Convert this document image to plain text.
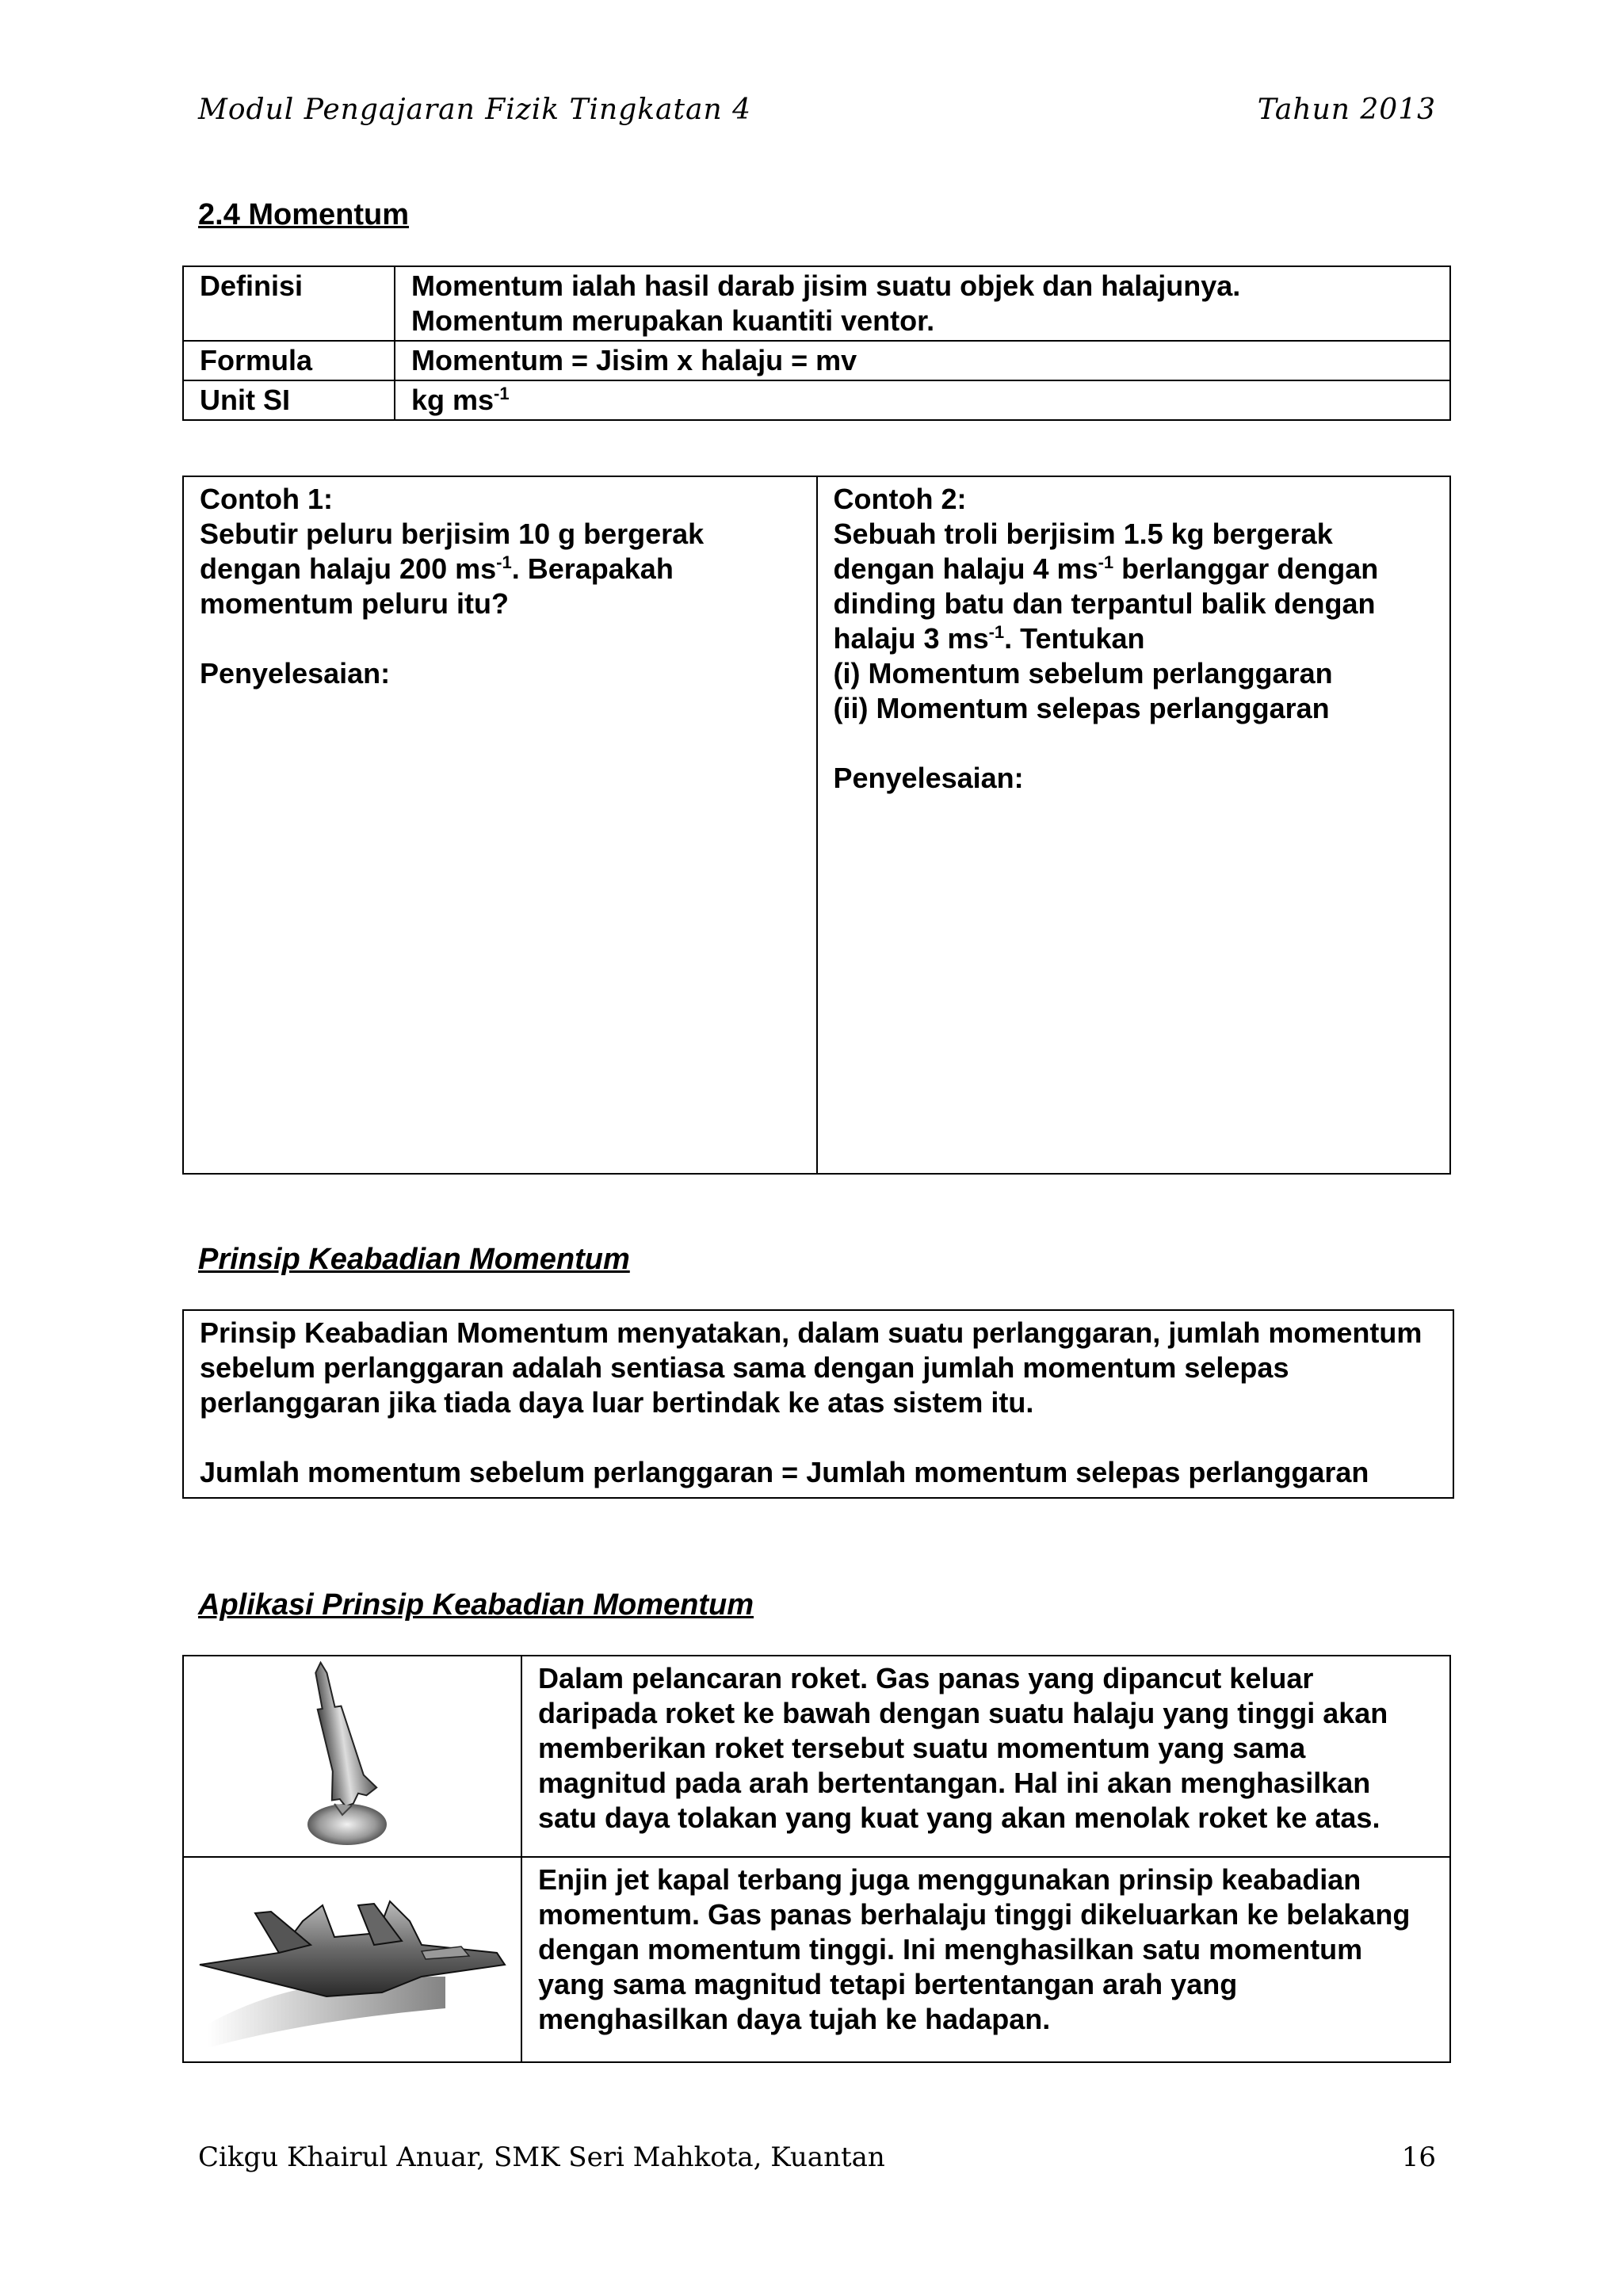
Modul Pengajaran Fizik Tingkatan 4	Tahun 2013
2.4 Momentum
Definisi	Momentum ialah hasil darab jisim suatu objek dan halajunya.
Momentum merupakan kuantiti ventor.

Formula	Momentum = Jisim x halaju = mv
Unit SI	kg $ms^{-1}$
Contoh 1:
Sebutir peluru berjisim 10 g bergerak dengan halaju 200 $ms^{-1}$. Berapakah momentum peluru itu?
Penyelesaian:

Contoh 2:
Sebuah troli berjisim 1.5 kg bergerak dengan halaju 4 $ms^{-1}$ berlanggar dengan dinding batu dan terpantul balik dengan halaju 3 $ms^{-1}$. Tentukan
(i) Momentum sebelum perlanggaran
(ii) Momentum selepas perlanggaran
Penyelesaian:
Prinsip Keabadian Momentum
Prinsip Keabadian Momentum menyatakan, dalam suatu perlanggaran, jumlah momentum sebelum perlanggaran adalah sentiasa sama dengan jumlah momentum selepas perlanggaran jika tiada daya luar bertindak ke atas sistem itu.
Jumlah momentum sebelum perlanggaran = Jumlah momentum selepas perlanggaran
Aplikasi Prinsip Keabadian Momentum
	Dalam pelancaran roket. Gas panas yang dipancut keluar daripada roket ke bawah dengan suatu halaju yang tinggi akan memberikan roket tersebut suatu momentum yang sama magnitud pada arah bertentangan. Hal ini akan menghasilkan satu daya tolakan yang kuat yang akan menolak roket ke atas.

	Enjin jet kapal terbang juga menggunakan prinsip keabadian momentum. Gas panas berhalaju tinggi dikeluarkan ke belakang dengan momentum tinggi. Ini menghasilkan satu momentum yang sama magnitud tetapi bertentangan arah yang menghasilkan daya tujah ke hadapan.
Cikgu Khairul Anuar, SMK Seri Mahkota, Kuantan	16
